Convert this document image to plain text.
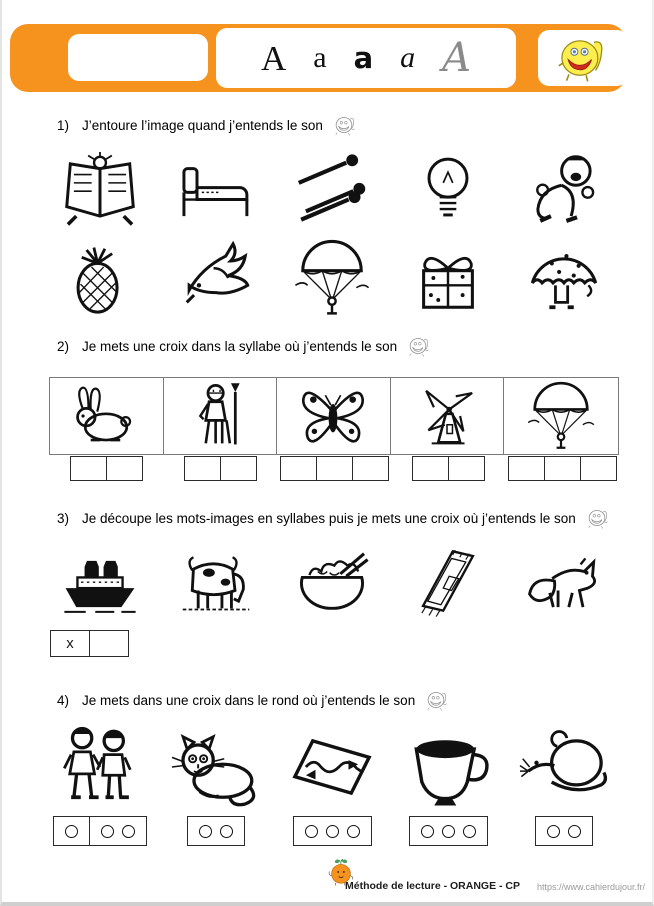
A a a a A
1) J’entoure l’image quand j’entends le son
2) Je mets une croix dans la syllabe où j’entends le son
3) Je découpe les mots-images en syllabes puis je mets une croix où j’entends le son
x
4) Je mets dans une croix dans le rond où j’entends le son
Méthode de lecture - ORANGE - CP https://www.cahierdujour.fr/
